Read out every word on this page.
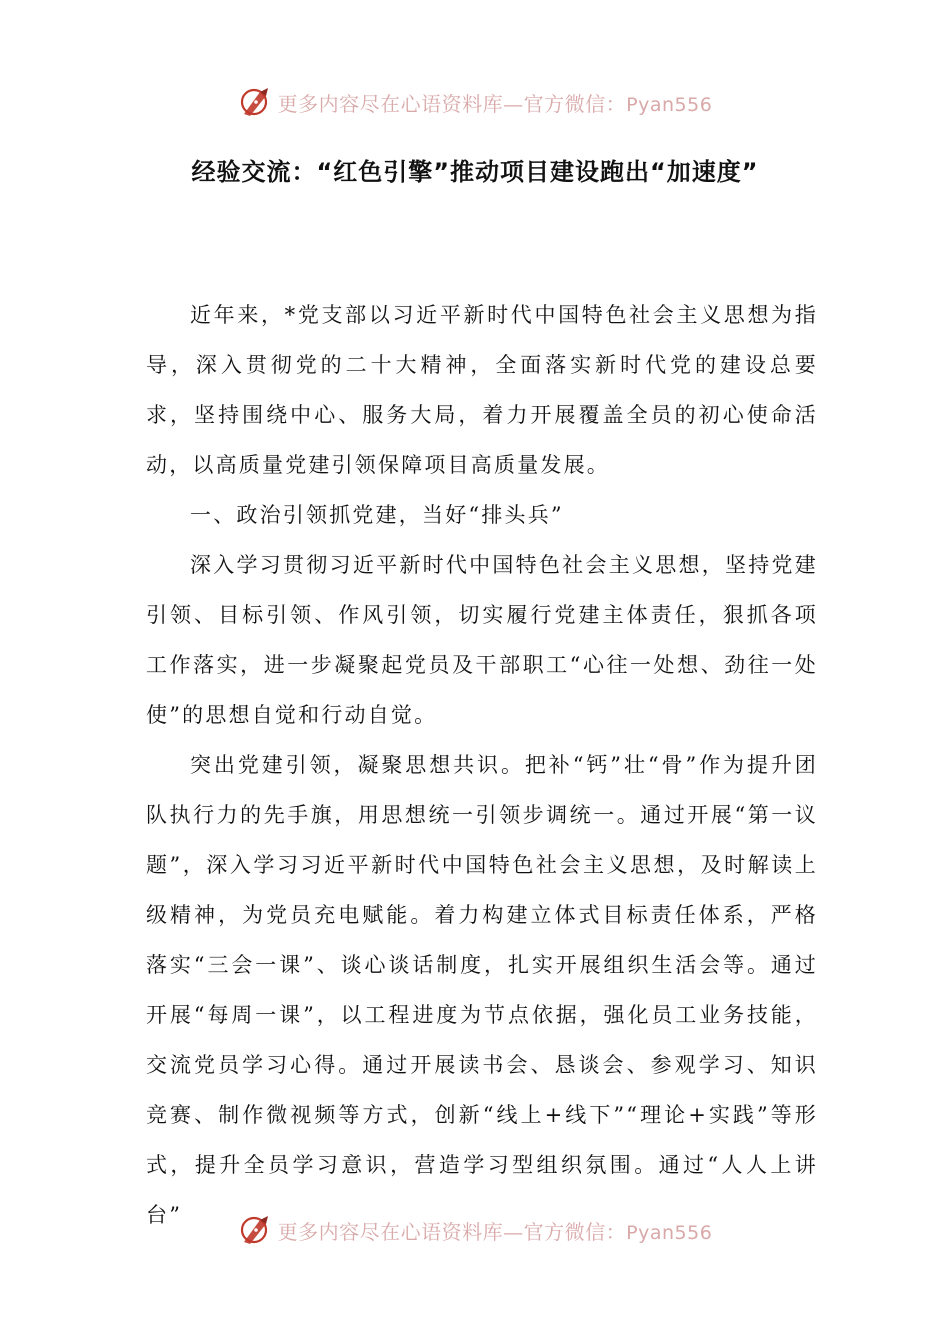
更多内容尽在心语资料库—官方微信：Pyan556
经验交流：“红色引擎”推动项目建设跑出“加速度”

近年来，*党支部以习近平新时代中国特色社会主义思想为指导，深入贯彻党的二十大精神，全面落实新时代党的建设总要求，坚持围绕中心、服务大局，着力开展覆盖全员的初心使命活动，以高质量党建引领保障项目高质量发展。

一、政治引领抓党建，当好“排头兵”

深入学习贯彻习近平新时代中国特色社会主义思想，坚持党建引领、目标引领、作风引领，切实履行党建主体责任，狠抓各项工作落实，进一步凝聚起党员及干部职工“心往一处想、劲往一处使”的思想自觉和行动自觉。

突出党建引领，凝聚思想共识。把补“钙”壮“骨”作为提升团队执行力的先手旗，用思想统一引领步调统一。通过开展“第一议题”，深入学习习近平新时代中国特色社会主义思想，及时解读上级精神，为党员充电赋能。着力构建立体式目标责任体系，严格落实“三会一课”、谈心谈话制度，扎实开展组织生活会等。通过开展“每周一课”，以工程进度为节点依据，强化员工业务技能，交流党员学习心得。通过开展读书会、恳谈会、参观学习、知识竞赛、制作微视频等方式，创新“线上+线下”“理论+实践”等形式，提升全员学习意识，营造学习型组织氛围。通过“人人上讲台”

更多内容尽在心语资料库—官方微信：Pyan556
